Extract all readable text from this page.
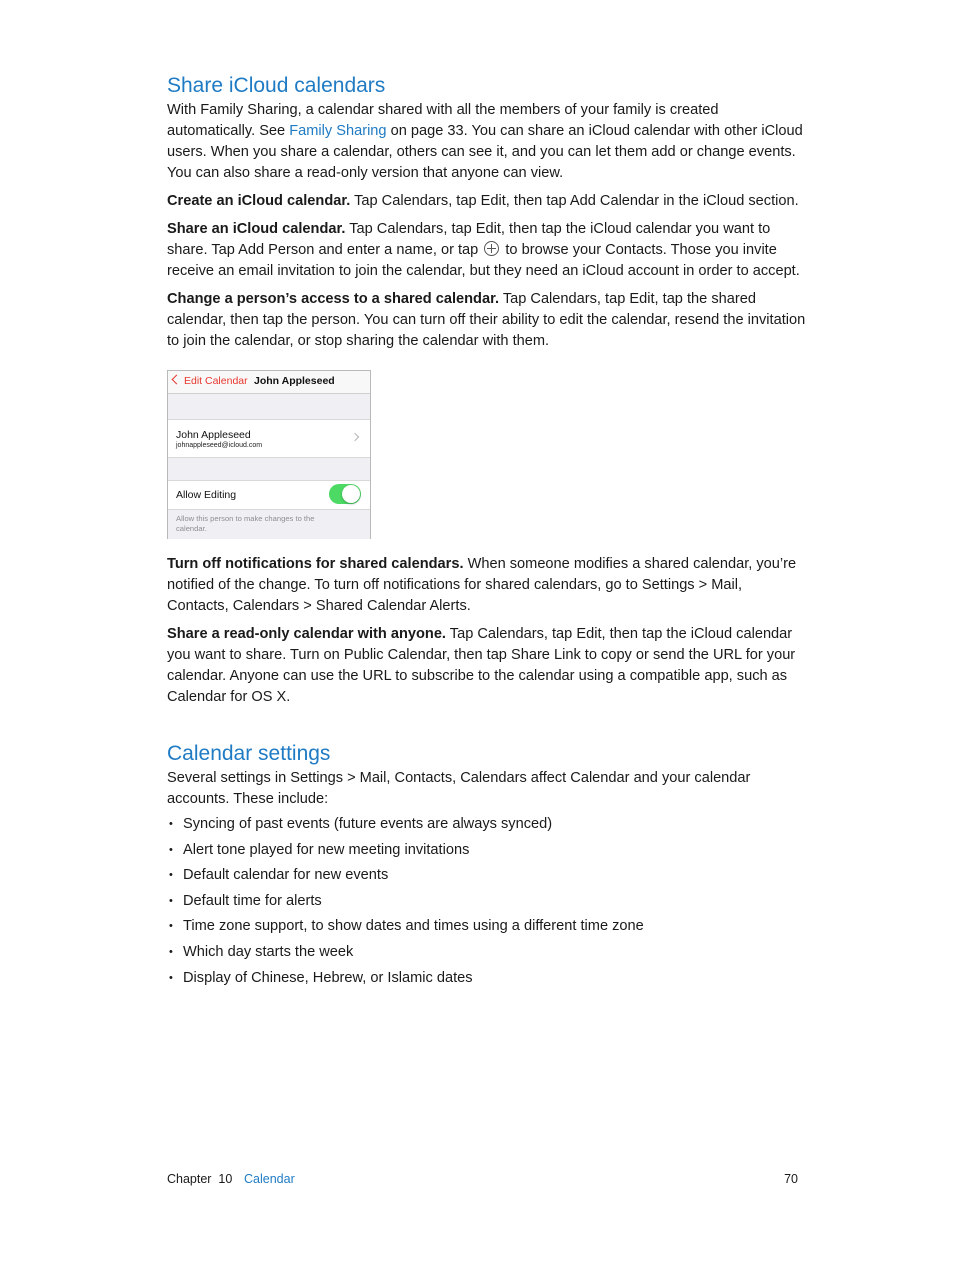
Share iCloud calendars

With Family Sharing, a calendar shared with all the members of your family is created automatically. See Family Sharing on page 33. You can share an iCloud calendar with other iCloud users. When you share a calendar, others can see it, and you can let them add or change events. You can also share a read-only version that anyone can view.

Create an iCloud calendar. Tap Calendars, tap Edit, then tap Add Calendar in the iCloud section.

Share an iCloud calendar. Tap Calendars, tap Edit, then tap the iCloud calendar you want to share. Tap Add Person and enter a name, or tap  to browse your Contacts. Those you invite receive an email invitation to join the calendar, but they need an iCloud account in order to accept.

Change a person’s access to a shared calendar. Tap Calendars, tap Edit, tap the shared calendar, then tap the person. You can turn off their ability to edit the calendar, resend the invitation to join the calendar, or stop sharing the calendar with them.

Edit Calendar John Appleseed
John Appleseed
johnappleseed@icloud.com
Allow Editing
Allow this person to make changes to the calendar.

Turn off notifications for shared calendars. When someone modifies a shared calendar, you’re notified of the change. To turn off notifications for shared calendars, go to Settings > Mail, Contacts, Calendars > Shared Calendar Alerts.

Share a read-only calendar with anyone. Tap Calendars, tap Edit, then tap the iCloud calendar you want to share. Turn on Public Calendar, then tap Share Link to copy or send the URL for your calendar. Anyone can use the URL to subscribe to the calendar using a compatible app, such as Calendar for OS X.

Calendar settings

Several settings in Settings > Mail, Contacts, Calendars affect Calendar and your calendar accounts. These include:

• Syncing of past events (future events are always synced)
• Alert tone played for new meeting invitations
• Default calendar for new events
• Default time for alerts
• Time zone support, to show dates and times using a different time zone
• Which day starts the week
• Display of Chinese, Hebrew, or Islamic dates
Chapter  10 Calendar	70
